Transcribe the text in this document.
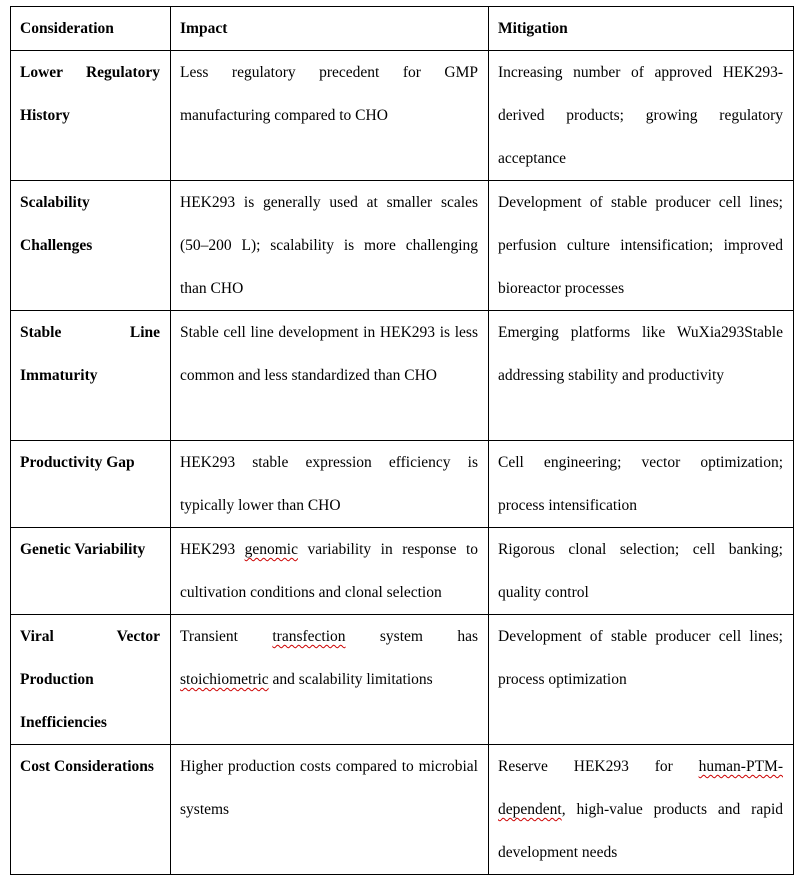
Consideration	Impact	Mitigation
Lower Regulatory History	Less regulatory precedent for GMP manufacturing compared to CHO	Increasing number of approved HEK293-derived products; growing regulatory acceptance
Scalability Challenges	HEK293 is generally used at smaller scales (50–200 L); scalability is more challenging than CHO	Development of stable producer cell lines; perfusion culture intensification; improved bioreactor processes
Stable Line Immaturity	Stable cell line development in HEK293 is less common and less standardized than CHO	Emerging platforms like WuXia293Stable addressing stability and productivity
Productivity Gap	HEK293 stable expression efficiency is typically lower than CHO	Cell engineering; vector optimization; process intensification
Genetic Variability	HEK293 genomic variability in response to cultivation conditions and clonal selection	Rigorous clonal selection; cell banking; quality control
Viral Vector Production Inefficiencies	Transient transfection system has stoichiometric and scalability limitations	Development of stable producer cell lines; process optimization
Cost Considerations	Higher production costs compared to microbial systems	Reserve HEK293 for human-PTM-dependent, high-value products and rapid development needs
